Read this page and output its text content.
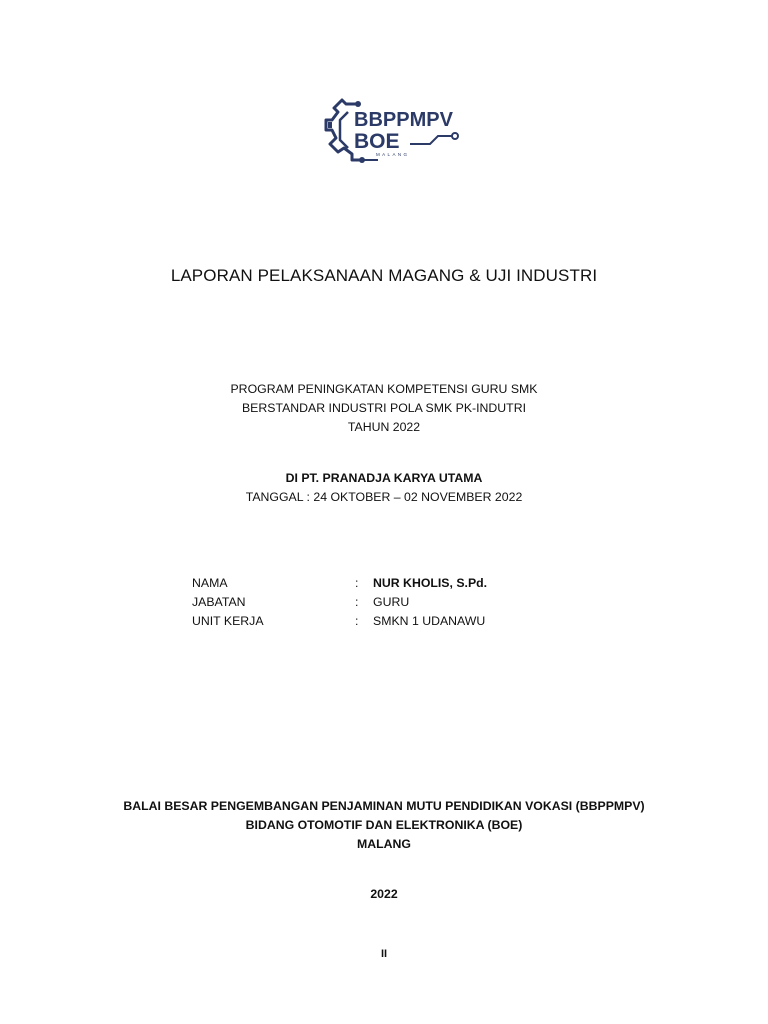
BBPPMPV
BOE
MALANG
LAPORAN PELAKSANAAN MAGANG & UJI INDUSTRI
PROGRAM PENINGKATAN KOMPETENSI GURU SMK
BERSTANDAR INDUSTRI POLA SMK PK-INDUTRI
TAHUN 2022
DI PT. PRANADJA KARYA UTAMA
TANGGAL : 24 OKTOBER – 02 NOVEMBER 2022
NAMA	:	NUR KHOLIS, S.Pd.
JABATAN	:	GURU
UNIT KERJA	:	SMKN 1 UDANAWU
BALAI BESAR PENGEMBANGAN PENJAMINAN MUTU PENDIDIKAN VOKASI (BBPPMPV)
BIDANG OTOMOTIF DAN ELEKTRONIKA (BOE)
MALANG
2022
II
